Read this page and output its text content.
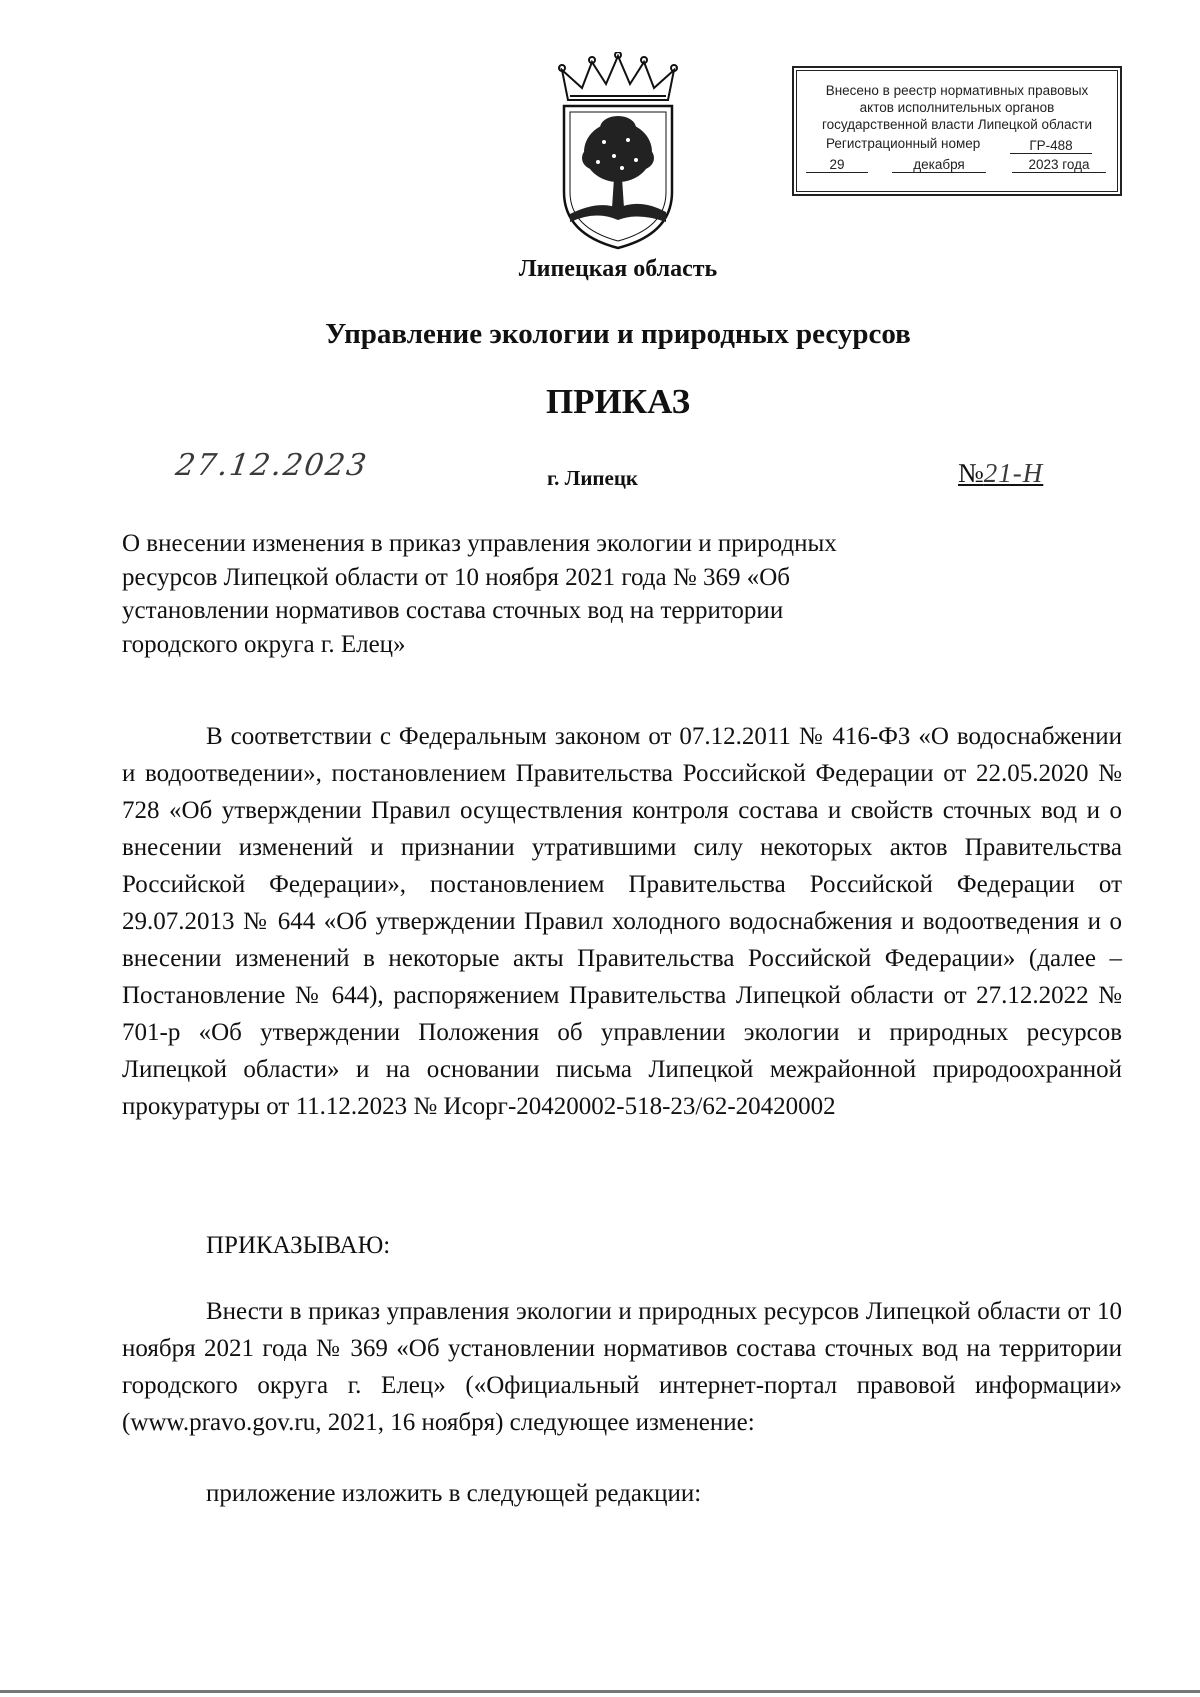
Внесено в реестр нормативных правовых
актов исполнительных органов
государственной власти Липецкой области
Регистрационный номер	ГР-488
29	декабря	2023 года
Липецкая область
Управление экологии и природных ресурсов
ПРИКАЗ
27.12.2023	г. Липецк	№21-Н
О внесении изменения в приказ управления экологии и природных ресурсов Липецкой области от 10 ноября 2021 года № 369 «Об установлении нормативов состава сточных вод на территории городского округа г. Елец»
В соответствии с Федеральным законом от 07.12.2011 № 416-ФЗ «О водоснабжении и водоотведении», постановлением Правительства Российской Федерации от 22.05.2020 № 728 «Об утверждении Правил осуществления контроля состава и свойств сточных вод и о внесении изменений и признании утратившими силу некоторых актов Правительства Российской Федерации», постановлением Правительства Российской Федерации от 29.07.2013 № 644 «Об утверждении Правил холодного водоснабжения и водоотведения и о внесении изменений в некоторые акты Правительства Российской Федерации» (далее – Постановление № 644), распоряжением Правительства Липецкой области от 27.12.2022 № 701-р «Об утверждении Положения об управлении экологии и природных ресурсов Липецкой области» и на основании письма Липецкой межрайонной природоохранной прокуратуры от 11.12.2023 № Исорг-20420002-518-23/62-20420002
ПРИКАЗЫВАЮ:
Внести в приказ управления экологии и природных ресурсов Липецкой области от 10 ноября 2021 года № 369 «Об установлении нормативов состава сточных вод на территории городского округа г. Елец» («Официальный интернет-портал правовой информации» (www.pravo.gov.ru, 2021, 16 ноября) следующее изменение:
приложение изложить в следующей редакции:
